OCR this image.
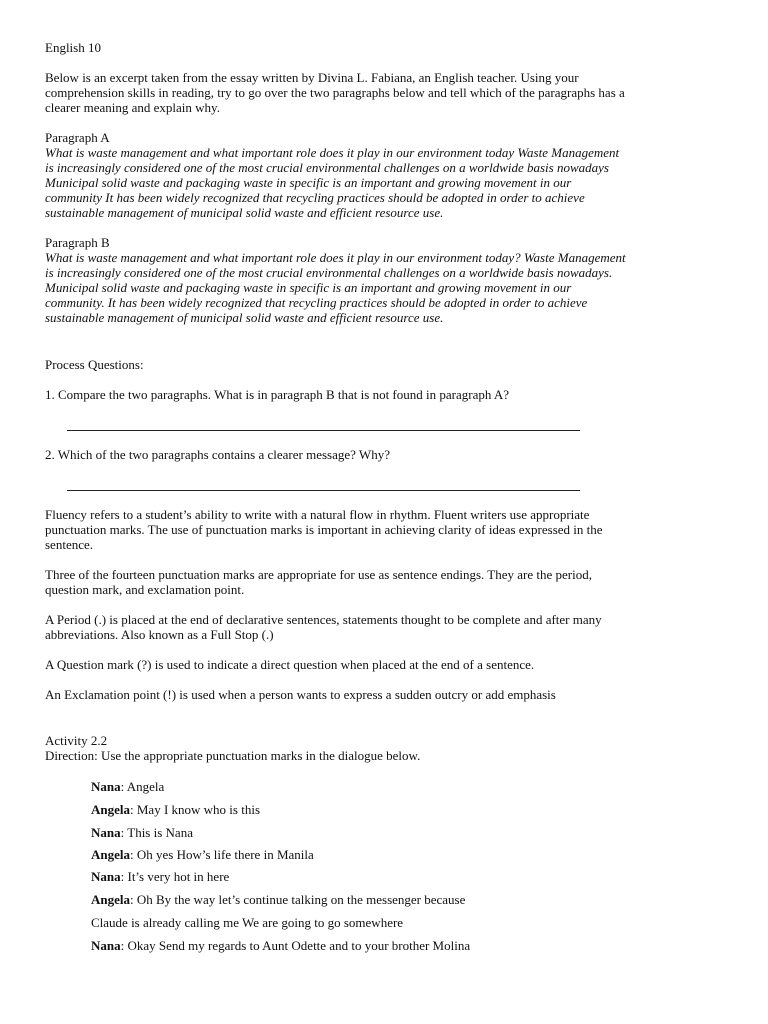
English 10
Below is an excerpt taken from the essay written by Divina L. Fabiana, an English teacher. Using your
comprehension skills in reading, try to go over the two paragraphs below and tell which of the paragraphs has a
clearer meaning and explain why.
Paragraph A
What is waste management and what important role does it play in our environment today Waste Management
is increasingly considered one of the most crucial environmental challenges on a worldwide basis nowadays
Municipal solid waste and packaging waste in specific is an important and growing movement in our
community It has been widely recognized that recycling practices should be adopted in order to achieve
sustainable management of municipal solid waste and efficient resource use.
Paragraph B
What is waste management and what important role does it play in our environment today? Waste Management
is increasingly considered one of the most crucial environmental challenges on a worldwide basis nowadays.
Municipal solid waste and packaging waste in specific is an important and growing movement in our
community. It has been widely recognized that recycling practices should be adopted in order to achieve
sustainable management of municipal solid waste and efficient resource use.
Process Questions:
1. Compare the two paragraphs. What is in paragraph B that is not found in paragraph A?
2. Which of the two paragraphs contains a clearer message? Why?
Fluency refers to a student’s ability to write with a natural flow in rhythm. Fluent writers use appropriate
punctuation marks. The use of punctuation marks is important in achieving clarity of ideas expressed in the
sentence.
Three of the fourteen punctuation marks are appropriate for use as sentence endings. They are the period,
question mark, and exclamation point.
A Period (.) is placed at the end of declarative sentences, statements thought to be complete and after many
abbreviations. Also known as a Full Stop (.)
A Question mark (?) is used to indicate a direct question when placed at the end of a sentence.
An Exclamation point (!) is used when a person wants to express a sudden outcry or add emphasis
Activity 2.2
Direction: Use the appropriate punctuation marks in the dialogue below.
Nana: Angela
Angela: May I know who is this
Nana: This is Nana
Angela: Oh yes How’s life there in Manila
Nana: It’s very hot in here
Angela: Oh By the way let’s continue talking on the messenger because
Claude is already calling me We are going to go somewhere
Nana: Okay Send my regards to Aunt Odette and to your brother Molina
